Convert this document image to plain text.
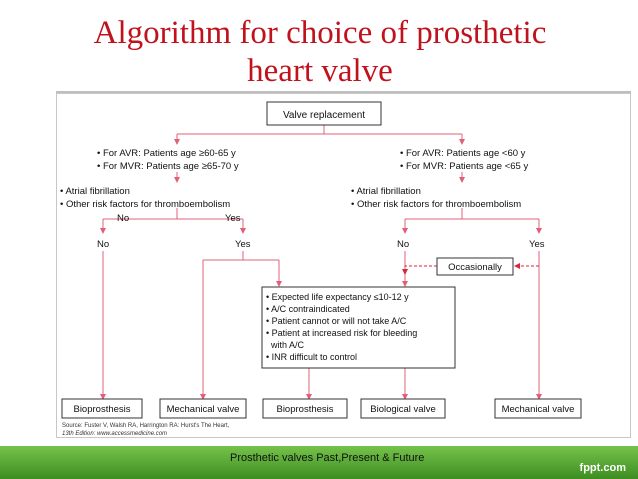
Algorithm for choice of prosthetic
heart valve
Valve replacement
• For AVR: Patients age ≥60-65 y
• For MVR: Patients age ≥65-70 y
• Atrial fibrillation
• Other risk factors for thromboembolism
No	Yes
No	Yes
• For AVR: Patients age <60 y
• For MVR: Patients age <65 y
• Atrial fibrillation
• Other risk factors for thromboembolism
No	Yes
Occasionally
• Expected life expectancy ≤10-12 y
• A/C contraindicated
• Patient cannot or will not take A/C
• Patient at increased risk for bleeding
with A/C
• INR difficult to control
Bioprosthesis	Mechanical valve	Bioprosthesis	Biological valve	Mechanical valve
Source: Fuster V, Walsh RA, Harrington RA: Hurst's The Heart,
13th Edition: www.accessmedicine.com
Prosthetic valves Past,Present & Future
fppt.com
